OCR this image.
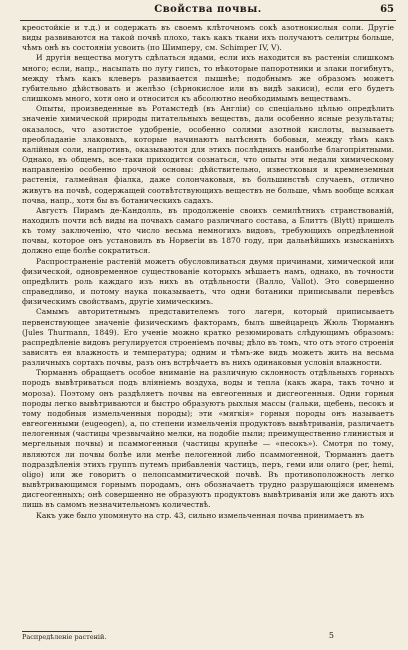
Свойства почвы.	65

креостойкіе и т.д.) и содержать въ своемъ клѣточномъ сокѣ азотнокислыя соли. Другіе виды развиваются на такой почвѣ плохо, такъ какъ ткани ихъ получаютъ селитры больше, чѣмъ онѣ въ состояніи усвоить (по Шимперу, см. Schimper IV, V).

И другія вещества могутъ сдѣлаться ядами, если ихъ находится въ растеніи слишкомъ много; если, напр., насыпать по лугу гипсъ, то нѣкоторые папоротники и злаки погибнутъ, между тѣмъ какъ клеверъ развивается пышнѣе; подобнымъ же образомъ можетъ губительно дѣйствовать и желѣзо (сѣрнокислое или въ видѣ закиси), если его будетъ слишкомъ много, хотя оно и относится къ абсолютно необходимымъ веществамъ.

Опыты, произведенные въ Ротамстедѣ (въ Англіи) со спеціально цѣлью опредѣлить значеніе химической природы питательныхъ веществъ, дали особенно ясные результаты; оказалось, что азотистое удобреніе, особенно солями азотной кислоты, вызываетъ преобладаніе злаковыхъ, которые начинаютъ вытѣснять бобовыя, между тѣмъ какъ калійныя соли, напротивъ, оказываются для этихъ послѣднихъ наиболѣе благопріятными. Однако, въ общемъ, все-таки приходится сознаться, что опыты эти недали химическому направленію особенно прочной основы: дѣйствительно, известковыя и кремнеземныя растенія, галмейная фіалка, даже солончаковыя, въ большинствѣ случаевъ, отлично живутъ на почвѣ, содержащей соотвѣтствующихъ веществъ не больше, чѣмъ вообще всякая почва, напр., хотя бы въ ботаническихъ садахъ.

Августъ Пирамъ де-Кандолль, въ продолженіе своихъ семилѣтнихъ странствованій, находилъ почти всѣ виды на почвахъ самаго различнаго состава, а Блиттъ (Blytt) пришелъ къ тому заключенію, что число весьма немногихъ видовъ, требующихъ опредѣленной почвы, которое онъ установилъ въ Норвегіи въ 1870 году, при дальнѣйшихъ изысканіяхъ должно еще болѣе сократиться.

Распространеніе растеній можетъ обусловливаться двумя причинами, химической или физической, одновременное существованіе которыхъ мѣшаетъ намъ, однако, въ точности опредѣлить роль каждаго изъ нихъ въ отдѣльности (Валло, Vallot). Это совершенно справедливо, и потому наука показываетъ, что одни ботаники приписывали перевѣсъ физическимъ свойствамъ, другіе химическимъ.

Самымъ авторитетнымъ представителемъ того лагеря, который приписываетъ первенствующее значеніе физическимъ факторамъ, былъ швейцарецъ Жюль Тюрманнъ (Jules Thurmann, 1849). Его ученіе можно кратко резюмировать слѣдующимъ образомъ: распредѣленіе видовъ регулируется строеніемъ почвы; дѣло въ томъ, что отъ этого строенія зависятъ ея влажность и температура; одним и тѣмъ-же видъ можетъ жить на весьма различныхъ сортахъ почвы, разъ онъ встрѣчаетъ въ нихъ одинаковыя условія влажности.

Тюрманнъ обращаетъ особое вниманіе на различную склонность отдѣльныхъ горныхъ породъ вывѣтриваться подъ вліяніемъ воздуха, воды и тепла (какъ жара, такъ точно и мороза). Поэтому онъ раздѣляетъ почвы на евгеогенныя и дисгеогенныя. Одни горныя породы легко вывѣтриваются и быстро образуютъ рыхлыя массы (гальки, щебень, песокъ и тому подобныя измельченныя породы); эти «мягкія» горныя породы онъ называетъ евгеогенными (eugeogen), а, по степени измельченія продуктовъ вывѣтриванія, различаетъ пелогенныя (частицы чрезвычайно мелки, на подобіе пыли; преимущественно глинистыя и мергельныя почвы) и псаммогенныя (частицы крупнѣе — «песокъ»). Смотря по тому, являются ли почвы болѣе или менѣе пелогенной либо псаммогенной, Тюрманнъ даетъ подраздѣленія этихъ группъ путемъ прибавленія частицъ, перъ, геми или олиго (per, hemi, oligo) или же говоритъ о пелопсаммитической почвѣ. Въ противоположность легко вывѣтривающимся горнымъ породамъ, онъ обозначаетъ трудно разрушающіяся именемъ дисгеогенныхъ; онѣ совершенно не образуютъ продуктовъ вывѣтриванія или же даютъ ихъ лишь въ самомъ незначительномъ количествѣ.

Какъ уже было упомянуто на стр. 43, сильно измельченная почва принимаетъ въ

Распредѣленіе растеній.	5
